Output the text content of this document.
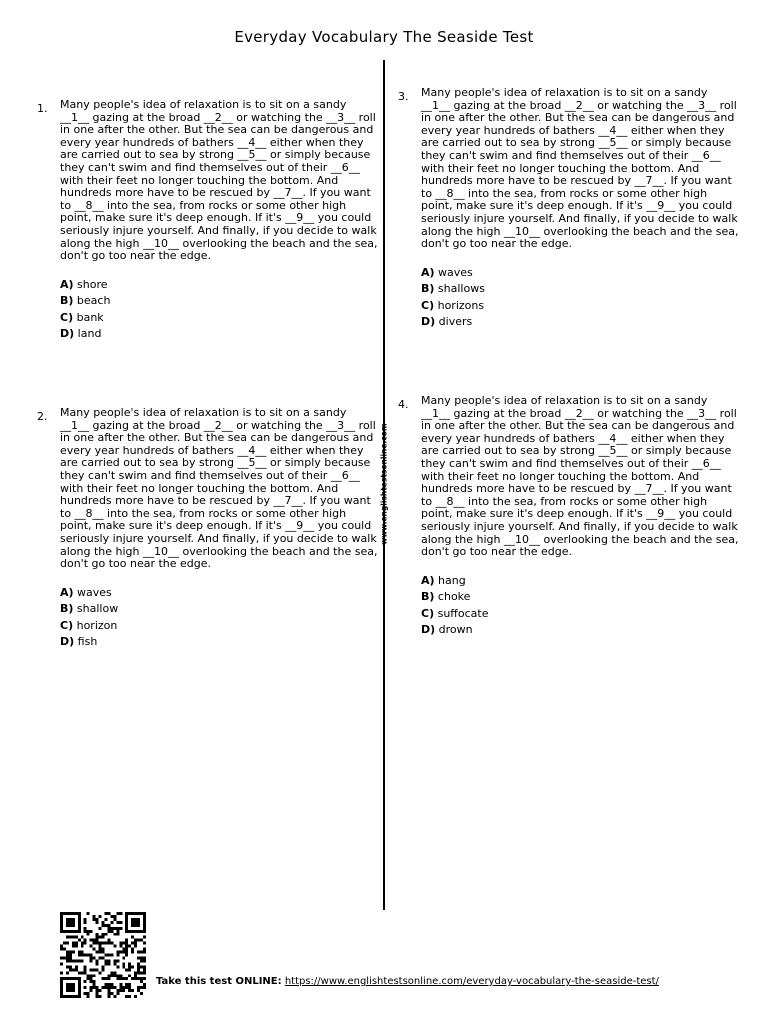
Everyday Vocabulary The Seaside Test
www.englishtestsonline.com
1. Many people's idea of relaxation is to sit on a sandy __1__ gazing at the broad __2__ or watching the __3__ roll in one after the other. But the sea can be dangerous and every year hundreds of bathers __4__ either when they are carried out to sea by strong __5__ or simply because they can't swim and find themselves out of their __6__ with their feet no longer touching the bottom. And hundreds more have to be rescued by __7__. If you want to __8__ into the sea, from rocks or some other high point, make sure it's deep enough. If it's __9__ you could seriously injure yourself. And finally, if you decide to walk along the high __10__ overlooking the beach and the sea, don't go too near the edge.

A) shore
B) beach
C) bank
D) land
2. Many people's idea of relaxation is to sit on a sandy __1__ gazing at the broad __2__ or watching the __3__ roll in one after the other. But the sea can be dangerous and every year hundreds of bathers __4__ either when they are carried out to sea by strong __5__ or simply because they can't swim and find themselves out of their __6__ with their feet no longer touching the bottom. And hundreds more have to be rescued by __7__. If you want to __8__ into the sea, from rocks or some other high point, make sure it's deep enough. If it's __9__ you could seriously injure yourself. And finally, if you decide to walk along the high __10__ overlooking the beach and the sea, don't go too near the edge.

A) waves
B) shallow
C) horizon
D) fish
3. Many people's idea of relaxation is to sit on a sandy __1__ gazing at the broad __2__ or watching the __3__ roll in one after the other. But the sea can be dangerous and every year hundreds of bathers __4__ either when they are carried out to sea by strong __5__ or simply because they can't swim and find themselves out of their __6__ with their feet no longer touching the bottom. And hundreds more have to be rescued by __7__. If you want to __8__ into the sea, from rocks or some other high point, make sure it's deep enough. If it's __9__ you could seriously injure yourself. And finally, if you decide to walk along the high __10__ overlooking the beach and the sea, don't go too near the edge.

A) waves
B) shallows
C) horizons
D) divers
4. Many people's idea of relaxation is to sit on a sandy __1__ gazing at the broad __2__ or watching the __3__ roll in one after the other. But the sea can be dangerous and every year hundreds of bathers __4__ either when they are carried out to sea by strong __5__ or simply because they can't swim and find themselves out of their __6__ with their feet no longer touching the bottom. And hundreds more have to be rescued by __7__. If you want to __8__ into the sea, from rocks or some other high point, make sure it's deep enough. If it's __9__ you could seriously injure yourself. And finally, if you decide to walk along the high __10__ overlooking the beach and the sea, don't go too near the edge.

A) hang
B) choke
C) suffocate
D) drown
Take this test ONLINE: https://www.englishtestsonline.com/everyday-vocabulary-the-seaside-test/
